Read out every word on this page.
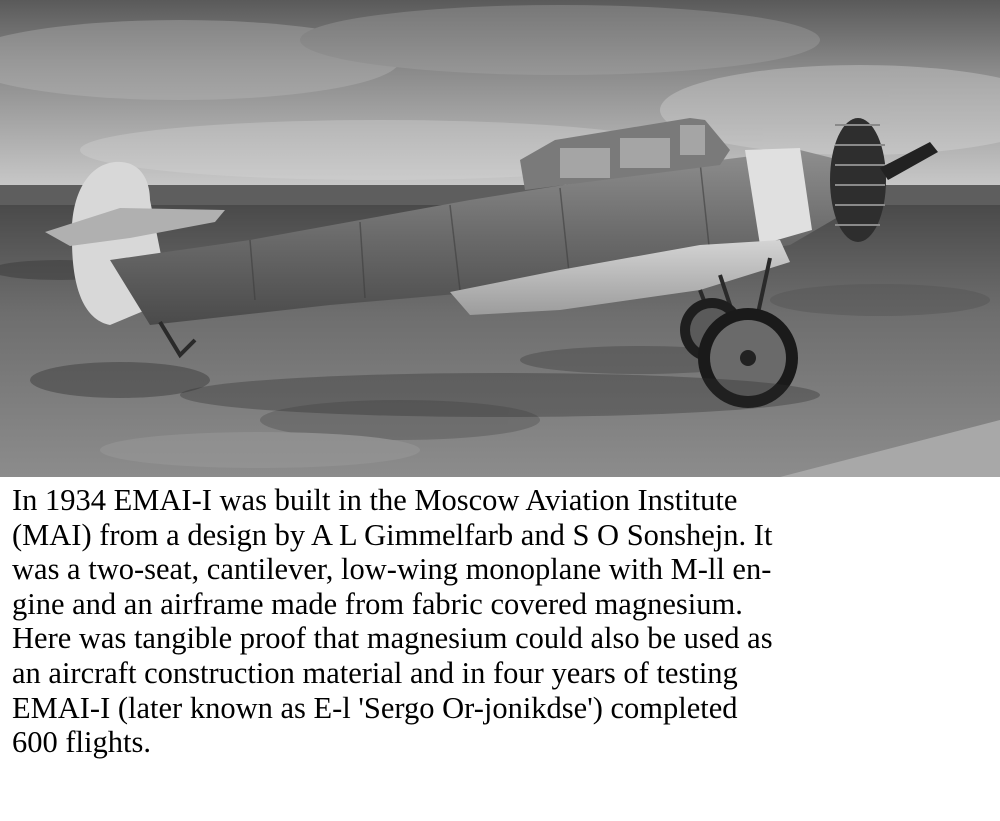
In 1934 EMAI-I was built in the Moscow Aviation Institute
(MAI) from a design by A L Gimmelfarb and S O Sonshejn. It
was a two-seat, cantilever, low-wing monoplane with M-ll en-
gine and an airframe made from fabric covered magnesium.
Here was tangible proof that magnesium could also be used as
an aircraft construction material and in four years of testing
EMAI-I (later known as E-l 'Sergo Or-jonikdse') completed
600 flights.
